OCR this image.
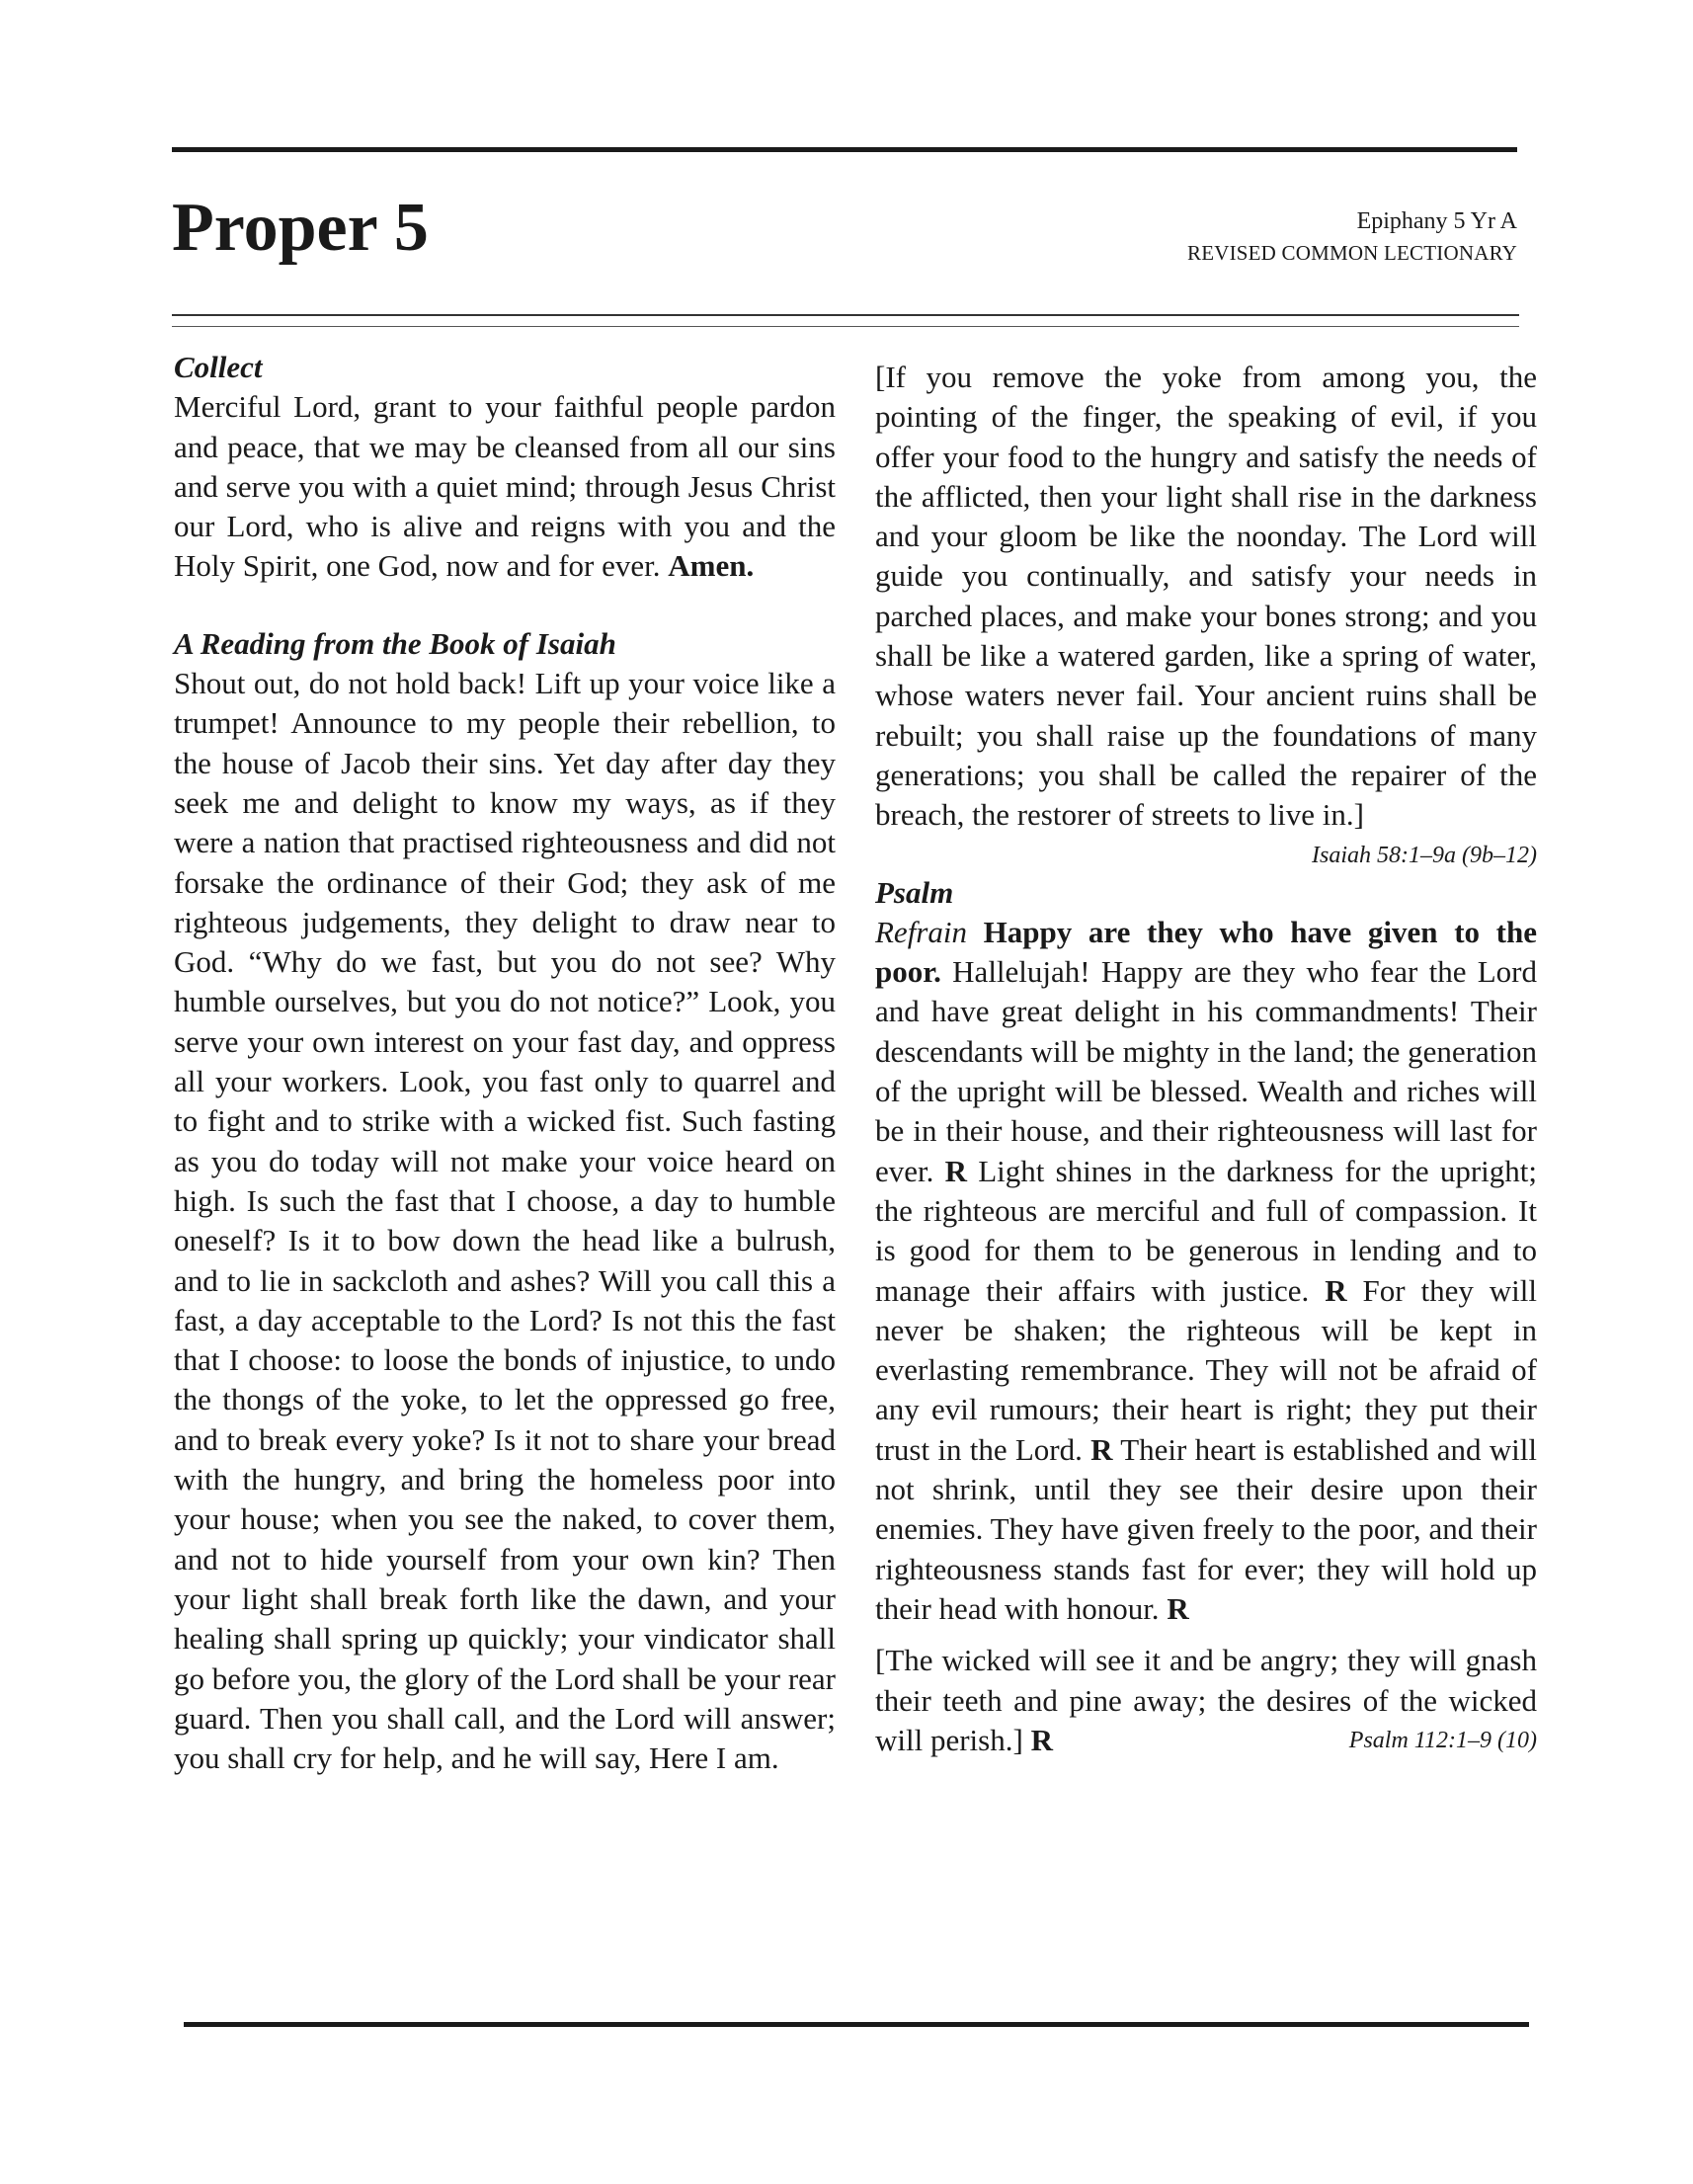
Proper 5	Epiphany 5 Yr A
REVISED COMMON LECTIONARY

Collect

Merciful Lord, grant to your faithful people pardon and peace, that we may be cleansed from all our sins and serve you with a quiet mind; through Jesus Christ our Lord, who is alive and reigns with you and the Holy Spirit, one God, now and for ever. Amen.

A Reading from the Book of Isaiah

Shout out, do not hold back! Lift up your voice like a trumpet! Announce to my people their rebellion, to the house of Jacob their sins. Yet day after day they seek me and delight to know my ways, as if they were a nation that practised righteousness and did not forsake the ordinance of their God; they ask of me righteous judgements, they delight to draw near to God. “Why do we fast, but you do not see? Why humble ourselves, but you do not notice?” Look, you serve your own interest on your fast day, and oppress all your workers. Look, you fast only to quarrel and to fight and to strike with a wicked fist. Such fasting as you do today will not make your voice heard on high. Is such the fast that I choose, a day to humble oneself? Is it to bow down the head like a bulrush, and to lie in sackcloth and ashes? Will you call this a fast, a day acceptable to the Lord? Is not this the fast that I choose: to loose the bonds of injustice, to undo the thongs of the yoke, to let the oppressed go free, and to break every yoke? Is it not to share your bread with the hungry, and bring the homeless poor into your house; when you see the naked, to cover them, and not to hide yourself from your own kin? Then your light shall break forth like the dawn, and your healing shall spring up quickly; your vindicator shall go before you, the glory of the Lord shall be your rear guard. Then you shall call, and the Lord will answer; you shall cry for help, and he will say, Here I am.

[If you remove the yoke from among you, the pointing of the finger, the speaking of evil, if you offer your food to the hungry and satisfy the needs of the afflicted, then your light shall rise in the darkness and your gloom be like the noonday. The Lord will guide you continually, and satisfy your needs in parched places, and make your bones strong; and you shall be like a watered garden, like a spring of water, whose waters never fail. Your ancient ruins shall be rebuilt; you shall raise up the foundations of many generations; you shall be called the repairer of the breach, the restorer of streets to live in.]
Isaiah 58:1–9a (9b–12)

Psalm

Refrain Happy are they who have given to the poor. Hallelujah! Happy are they who fear the Lord and have great delight in his commandments! Their descendants will be mighty in the land; the generation of the upright will be blessed. Wealth and riches will be in their house, and their righteousness will last for ever. R Light shines in the darkness for the upright; the righteous are merciful and full of compassion. It is good for them to be generous in lending and to manage their affairs with justice. R For they will never be shaken; the righteous will be kept in everlasting remembrance. They will not be afraid of any evil rumours; their heart is right; they put their trust in the Lord. R Their heart is established and will not shrink, until they see their desire upon their enemies. They have given freely to the poor, and their righteousness stands fast for ever; they will hold up their head with honour. R

[The wicked will see it and be angry; they will gnash their teeth and pine away; the desires of the wicked will perish.] R	Psalm 112:1–9 (10)
